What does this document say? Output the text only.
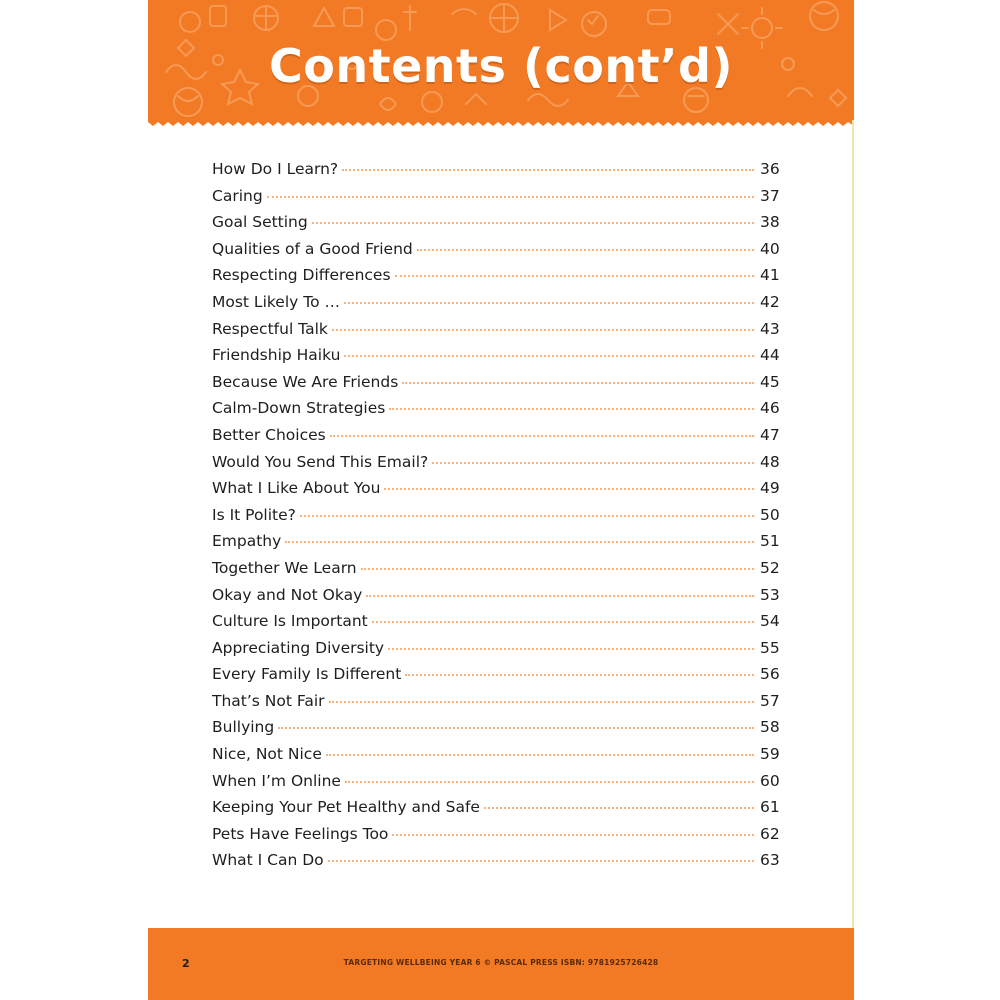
Contents (cont’d)
How Do I Learn?	36
Caring	37
Goal Setting	38
Qualities of a Good Friend	40
Respecting Differences	41
Most Likely To …	42
Respectful Talk	43
Friendship Haiku	44
Because We Are Friends	45
Calm-Down Strategies	46
Better Choices	47
Would You Send This Email?	48
What I Like About You	49
Is It Polite?	50
Empathy	51
Together We Learn	52
Okay and Not Okay	53
Culture Is Important	54
Appreciating Diversity	55
Every Family Is Different	56
That’s Not Fair	57
Bullying	58
Nice, Not Nice	59
When I’m Online	60
Keeping Your Pet Healthy and Safe	61
Pets Have Feelings Too	62
What I Can Do	63
2	TARGETING WELLBEING YEAR 6 © PASCAL PRESS ISBN: 9781925726428
